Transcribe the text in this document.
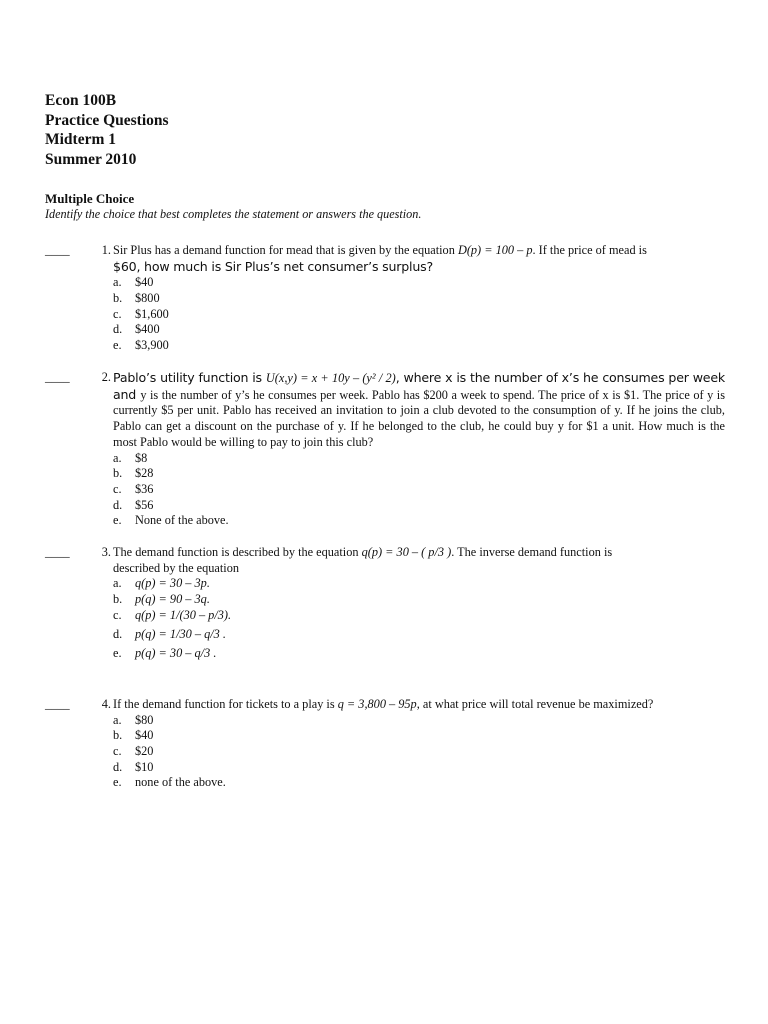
Econ 100B
Practice Questions
Midterm 1
Summer 2010
Multiple Choice
Identify the choice that best completes the statement or answers the question.
____	1. Sir Plus has a demand function for mead that is given by the equation D(p) = 100 – p. If the price of mead is
$60, how much is Sir Plus’s net consumer’s surplus?
a.	$40
b.	$800
c.	$1,600
d.	$400
e.	$3,900
____	2. Pablo’s utility function is U(x,y) = x + 10y – (y² / 2), where x is the number of x’s he consumes per week and y is the number of y’s he consumes per week. Pablo has $200 a week to spend. The price of x is $1. The price of y is currently $5 per unit. Pablo has received an invitation to join a club devoted to the consumption of y. If he joins the club, Pablo can get a discount on the purchase of y. If he belonged to the club, he could buy y for $1 a unit. How much is the most Pablo would be willing to pay to join this club?
a.	$8
b.	$28
c.	$36
d.	$56
e.	None of the above.
____	3. The demand function is described by the equation q(p) = 30 – ( p/3 ). The inverse demand function is
described by the equation
a.	q(p) = 30 – 3p.
b.	p(q) = 90 – 3q.
c.	q(p) = 1/(30 – p/3).
d.	p(q) = 1/30 – q/3 .
e.	p(q) = 30 – q/3 .
____	4. If the demand function for tickets to a play is q = 3,800 – 95p, at what price will total revenue be maximized?
a.	$80
b.	$40
c.	$20
d.	$10
e.	none of the above.
